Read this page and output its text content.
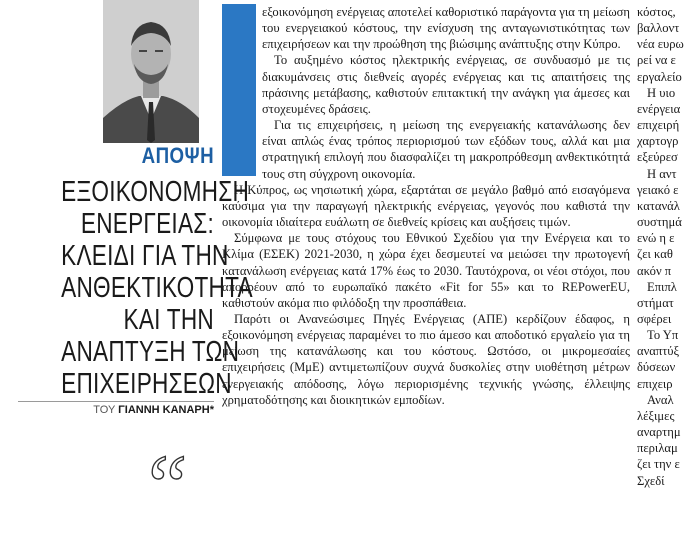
ΑΠΟΨΗ
ΕΞΟΙΚΟΝΟΜΗΣΗ
ΕΝΕΡΓΕΙΑΣ:
ΚΛΕΙΔΙ ΓΙΑ ΤΗΝ
ΑΝΘΕΚΤΙΚΟΤΗΤΑ
ΚΑΙ ΤΗΝ
ΑΝΑΠΤΥΞΗ ΤΩΝ
ΕΠΙΧΕΙΡΗΣΕΩΝ
ΤΟΥ ΓΙΑΝΝΗ ΚΑΝΑΡΗ*
“

εξοικονόμηση ενέργειας αποτελεί καθοριστικό παράγοντα για τη μείωση του ενεργειακού κόστους, την ενίσχυση της ανταγωνιστικότητας των επιχειρήσεων και την προώθηση της βιώσιμης ανάπτυξης στην Κύπρο.

Το αυξημένο κόστος ηλεκτρικής ενέργειας, σε συνδυασμό με τις διακυμάνσεις στις διεθνείς αγορές ενέργειας και τις απαιτήσεις της πράσινης μετάβασης, καθιστούν επιτακτική την ανάγκη για άμεσες και στοχευμένες δράσεις.

Για τις επιχειρήσεις, η μείωση της ενεργειακής κατανάλωσης δεν είναι απλώς ένας τρόπος περιορισμού των εξόδων τους, αλλά και μια στρατηγική επιλογή που διασφαλίζει τη μακροπρόθεσμη ανθεκτικότητά τους στη σύγχρονη οικονομία.

Η Κύπρος, ως νησιωτική χώρα, εξαρτάται σε μεγάλο βαθμό από εισαγόμενα καύσιμα για την παραγωγή ηλεκτρικής ενέργειας, γεγονός που καθιστά την οικονομία ιδιαίτερα ευάλωτη σε διεθνείς κρίσεις και αυξήσεις τιμών.

Σύμφωνα με τους στόχους του Εθνικού Σχεδίου για την Ενέργεια και το Κλίμα (ΕΣΕΚ) 2021-2030, η χώρα έχει δεσμευτεί να μειώσει την πρωτογενή κατανάλωση ενέργειας κατά 17% έως το 2030. Ταυτόχρονα, οι νέοι στόχοι, που απορρέουν από το ευρωπαϊκό πακέτο «Fit for 55» και το REPowerEU, καθιστούν ακόμα πιο φιλόδοξη την προσπάθεια.

Παρότι οι Ανανεώσιμες Πηγές Ενέργειας (ΑΠΕ) κερδίζουν έδαφος, η εξοικονόμηση ενέργειας παραμένει το πιο άμεσο και αποδοτικό εργαλείο για τη μείωση της κατανάλωσης και του κόστους. Ωστόσο, οι μικρομεσαίες επιχειρήσεις (ΜμΕ) αντιμετωπίζουν συχνά δυσκολίες στην υιοθέτηση μέτρων ενεργειακής απόδοσης, λόγω περιορισμένης τεχνικής γνώσης, έλλειψης χρηματοδότησης και διοικητικών εμποδίων.

κόστος,

βαλλοντ

νέα ευρω

ρεί να ε

εργαλείο

Η υιο

ενέργεια

επιχειρή

χαρτογρ

εξεύρεσ

Η αντ

γειακό ε

κατανάλ

συστημά

ενώ η ε

ζει καθ

ακόν π

Επιπλ

στήματ

σφέρει

Το Υπ

αναπτύξ

δύσεων

επιχειρ

Αναλ

λέξιμες

αναρτημ

περιλαμ

ζει την ε

Σχεδί
